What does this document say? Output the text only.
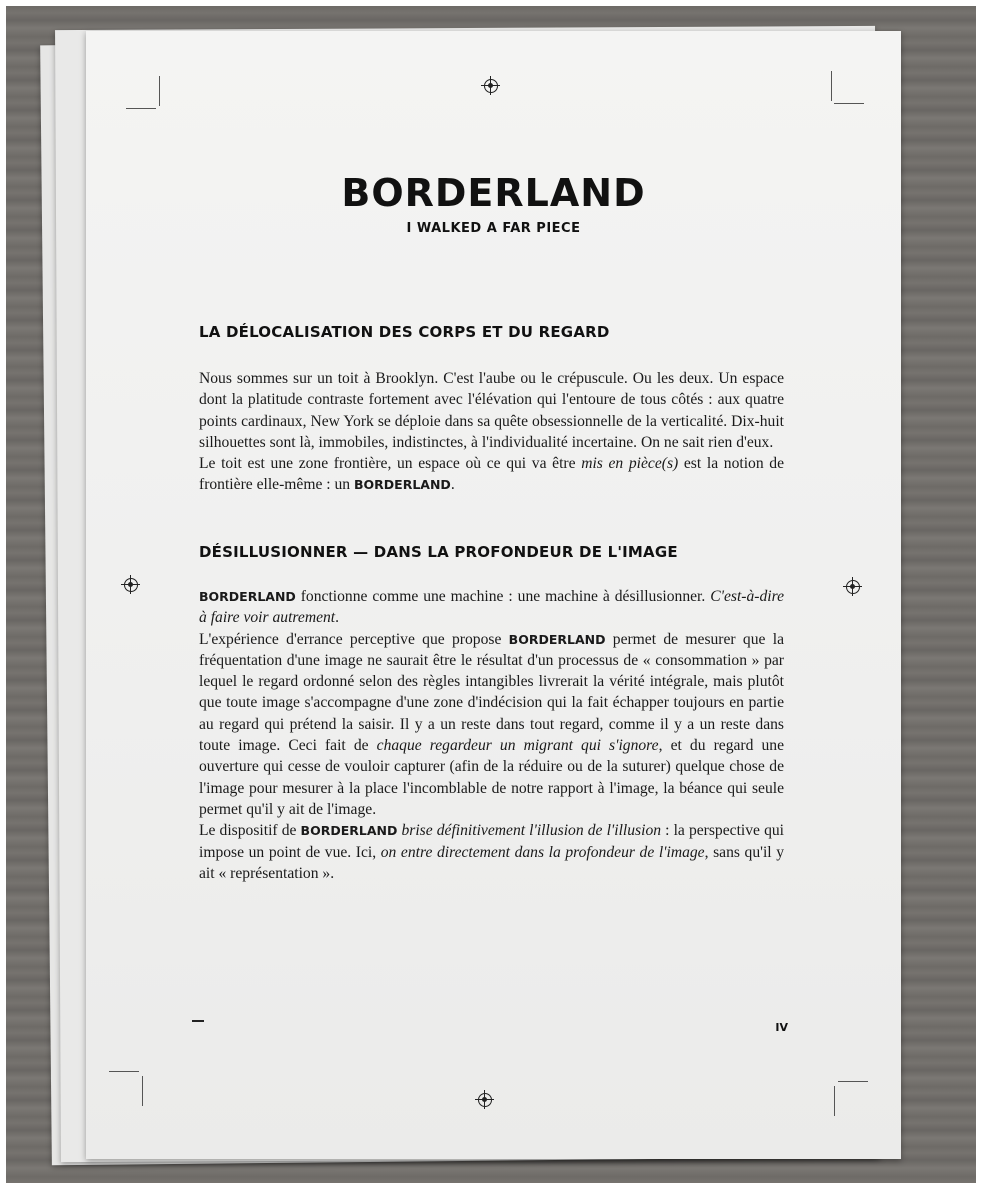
BORDERLAND
I WALKED A FAR PIECE
LA DÉLOCALISATION DES CORPS ET DU REGARD

Nous sommes sur un toit à Brooklyn. C'est l'aube ou le crépuscule. Ou les deux. Un espace dont la platitude contraste fortement avec l'élévation qui l'entoure de tous côtés : aux quatre points cardinaux, New York se déploie dans sa quête obsessionnelle de la verticalité. Dix-huit silhouettes sont là, immobiles, indistinctes, à l'individualité incertaine. On ne sait rien d'eux.

Le toit est une zone frontière, un espace où ce qui va être mis en pièce(s) est la notion de frontière elle-même : un BORDERLAND.

DÉSILLUSIONNER — DANS LA PROFONDEUR DE L'IMAGE

BORDERLAND fonctionne comme une machine : une machine à désillusionner. C'est-à-dire à faire voir autrement.

L'expérience d'errance perceptive que propose BORDERLAND permet de mesurer que la fréquentation d'une image ne saurait être le résultat d'un processus de « consommation » par lequel le regard ordonné selon des règles intangibles livrerait la vérité intégrale, mais plutôt que toute image s'accompagne d'une zone d'indécision qui la fait échapper toujours en partie au regard qui prétend la saisir. Il y a un reste dans tout regard, comme il y a un reste dans toute image. Ceci fait de chaque regardeur un migrant qui s'ignore, et du regard une ouverture qui cesse de vouloir capturer (afin de la réduire ou de la suturer) quelque chose de l'image pour mesurer à la place l'incomblable de notre rapport à l'image, la béance qui seule permet qu'il y ait de l'image.

Le dispositif de BORDERLAND brise définitivement l'illusion de l'illusion : la perspective qui impose un point de vue. Ici, on entre directement dans la profondeur de l'image, sans qu'il y ait « représentation ».

IV
